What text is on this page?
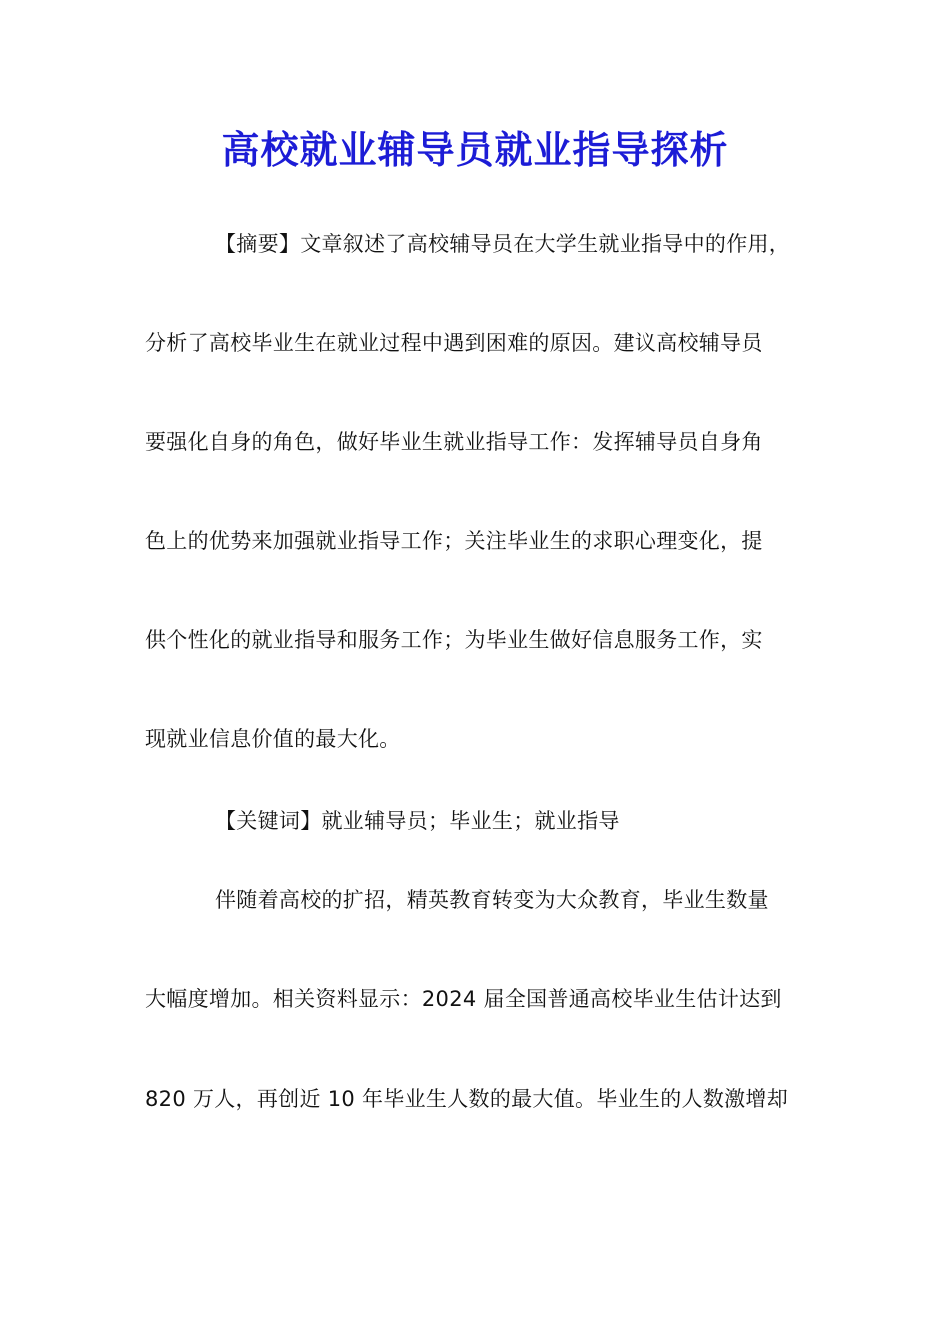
高校就业辅导员就业指导探析
【摘要】文章叙述了高校辅导员在大学生就业指导中的作用，
分析了高校毕业生在就业过程中遇到困难的原因。建议高校辅导员
要强化自身的角色，做好毕业生就业指导工作：发挥辅导员自身角
色上的优势来加强就业指导工作；关注毕业生的求职心理变化，提
供个性化的就业指导和服务工作；为毕业生做好信息服务工作，实
现就业信息价值的最大化。
【关键词】就业辅导员；毕业生；就业指导
伴随着高校的扩招，精英教育转变为大众教育，毕业生数量
大幅度增加。相关资料显示：2024 届全国普通高校毕业生估计达到
820 万人，再创近 10 年毕业生人数的最大值。毕业生的人数激增却
